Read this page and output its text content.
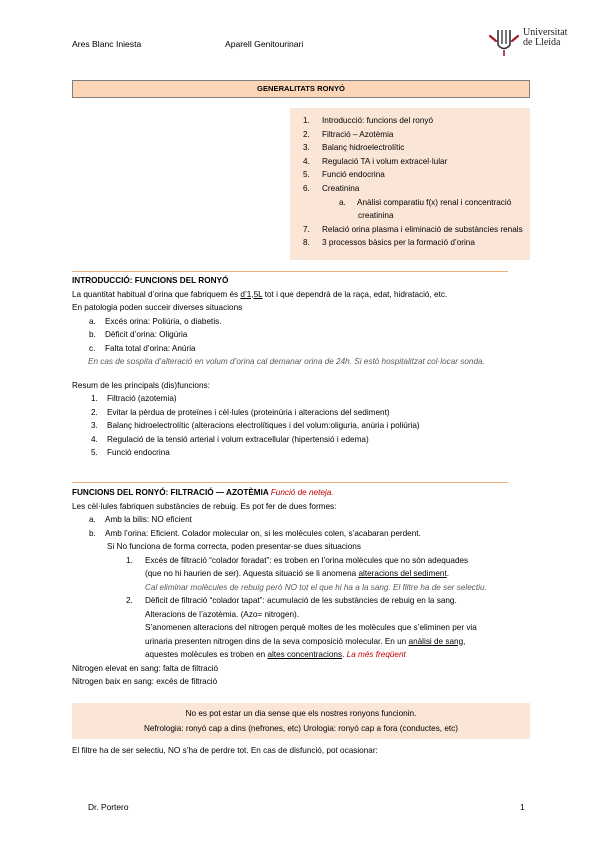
Ares Blanc Iniesta	Aparell Genitourinari
Universitat
de Lleida
GENERALITATS RONYÓ
1.	Introducció: funcions del ronyó
2.	Filtració – Azotèmia
3.	Balanç hidroelectrolític
4.	Regulació TA i volum extracel·lular
5.	Funció endocrina
6.	Creatinina
a.	Anàlisi comparatiu f(x) renal i concentració
creatinina
7.	Relació orina plasma i eliminació de substàncies renals
8.	3 processos bàsics per la formació d’orina
INTRODUCCIÓ: FUNCIONS DEL RONYÓ
La quantitat habitual d’orina que fabriquem és d’1,5L tot i que dependrà de la raça, edat, hidratació, etc.
En patologia poden succeir diverses situacions
a.	Excés orina: Poliúria, o diabetis.
b.	Dèficit d’orina: Oligúria
c.	Falta total d’orina: Anúria
En cas de sospita d’alteració en volum d’orina cal demanar orina de 24h. Si estò hospitalitzat col·locar sonda.
Resum de les principals (dis)funcions:
1.	Filtració (azotemia)
2.	Evitar la pèrdua de proteïnes i cèl·lules (proteinúria i alteracions del sediment)
3.	Balanç hidroelectrolític (alteracions electrolítiques i del volum:oliguria, anúria i poliúria)
4.	Regulació de la tensió arterial i volum extracellular (hipertensió i edema)
5.	Funció endocrina
FUNCIONS DEL RONYÓ: FILTRACIÓ — AZOTÈMIA Funció de neteja.
Les cèl·lules fabriquen substàncies de rebuig. Es pot fer de dues formes:
a.	Amb la bilis: NO eficient
b.	Amb l’orina: Eficient. Colador molecular on, si les molècules colen, s’acabaran perdent.
Si No funciona de forma correcta, poden presentar-se dues situacions
1.	Excés de filtració “colador foradat”: es troben en l’orina molècules que no són adequades
(que no hi haurien de ser). Aquesta situació se li anomena alteracions del sediment.
Cal eliminar molècules de rebuig però NO tot el que hi ha a la sang. El filtre ha de ser selectiu.
2.	Dèficit de filtració “colador tapat”: acumulació de les substàncies de rebuig en la sang.
Alteracions de l’azotèmia. (Azo= nitrogen).
S’anomenen alteracions del nitrogen perquè moltes de les molècules que s’eliminen per via
urinaria presenten nitrogen dins de la seva composició molecular. En un anàlisi de sang,
aquestes molècules es troben en altes concentracions. La més freqüent
Nitrogen elevat en sang: falta de filtració
Nitrogen baix en sang: excés de filtració
No es pot estar un dia sense que els nostres ronyons funcionin.
Nefrologia: ronyó cap a dins (nefrones, etc) Urologia: ronyó cap a fora (conductes, etc)
El filtre ha de ser selectiu, NO s’ha de perdre tot. En cas de disfunció, pot ocasionar:
Dr. Portero	1
